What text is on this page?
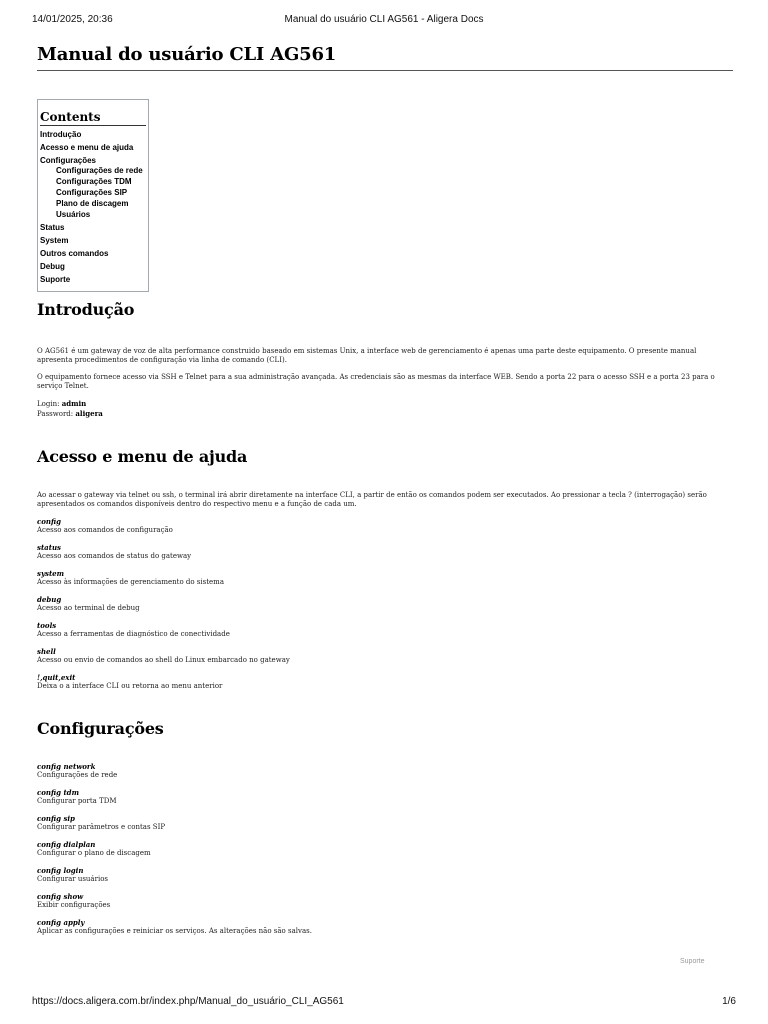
14/01/2025, 20:36	Manual do usuário CLI AG561 - Aligera Docs
Manual do usuário CLI AG561
Contents
Introdução
Acesso e menu de ajuda
Configurações
Configurações de rede
Configurações TDM
Configurações SIP
Plano de discagem
Usuários
Status
System
Outros comandos
Debug
Suporte
Introdução

O AG561 é um gateway de voz de alta performance construido baseado em sistemas Unix, a interface web de gerenciamento é apenas uma parte deste equipamento. O presente manual apresenta procedimentos de configuração via linha de comando (CLI).

O equipamento fornece acesso via SSH e Telnet para a sua administração avançada. As credenciais são as mesmas da interface WEB. Sendo a porta 22 para o acesso SSH e a porta 23 para o serviço Telnet.

Login: admin
Password: aligera
Acesso e menu de ajuda

Ao acessar o gateway via telnet ou ssh, o terminal irá abrir diretamente na interface CLI, a partir de então os comandos podem ser executados. Ao pressionar a tecla ? (interrogação) serão apresentados os comandos disponíveis dentro do respectivo menu e a função de cada um.

config
Acesso aos comandos de configuração
status
Acesso aos comandos de status do gateway
system
Acesso às informações de gerenciamento do sistema
debug
Acesso ao terminal de debug
tools
Acesso a ferramentas de diagnóstico de conectividade
shell
Acesso ou envio de comandos ao shell do Linux embarcado no gateway
!,quit,exit
Deixa o a interface CLI ou retorna ao menu anterior
Configurações
config network
Configurações de rede
config tdm
Configurar porta TDM
config sip
Configurar parâmetros e contas SIP
config dialplan
Configurar o plano de discagem
config login
Configurar usuários
config show
Exibir configurações
config apply
Aplicar as configurações e reiniciar os serviços. As alterações não são salvas.
Suporte
https://docs.aligera.com.br/index.php/Manual_do_usuário_CLI_AG561	1/6
